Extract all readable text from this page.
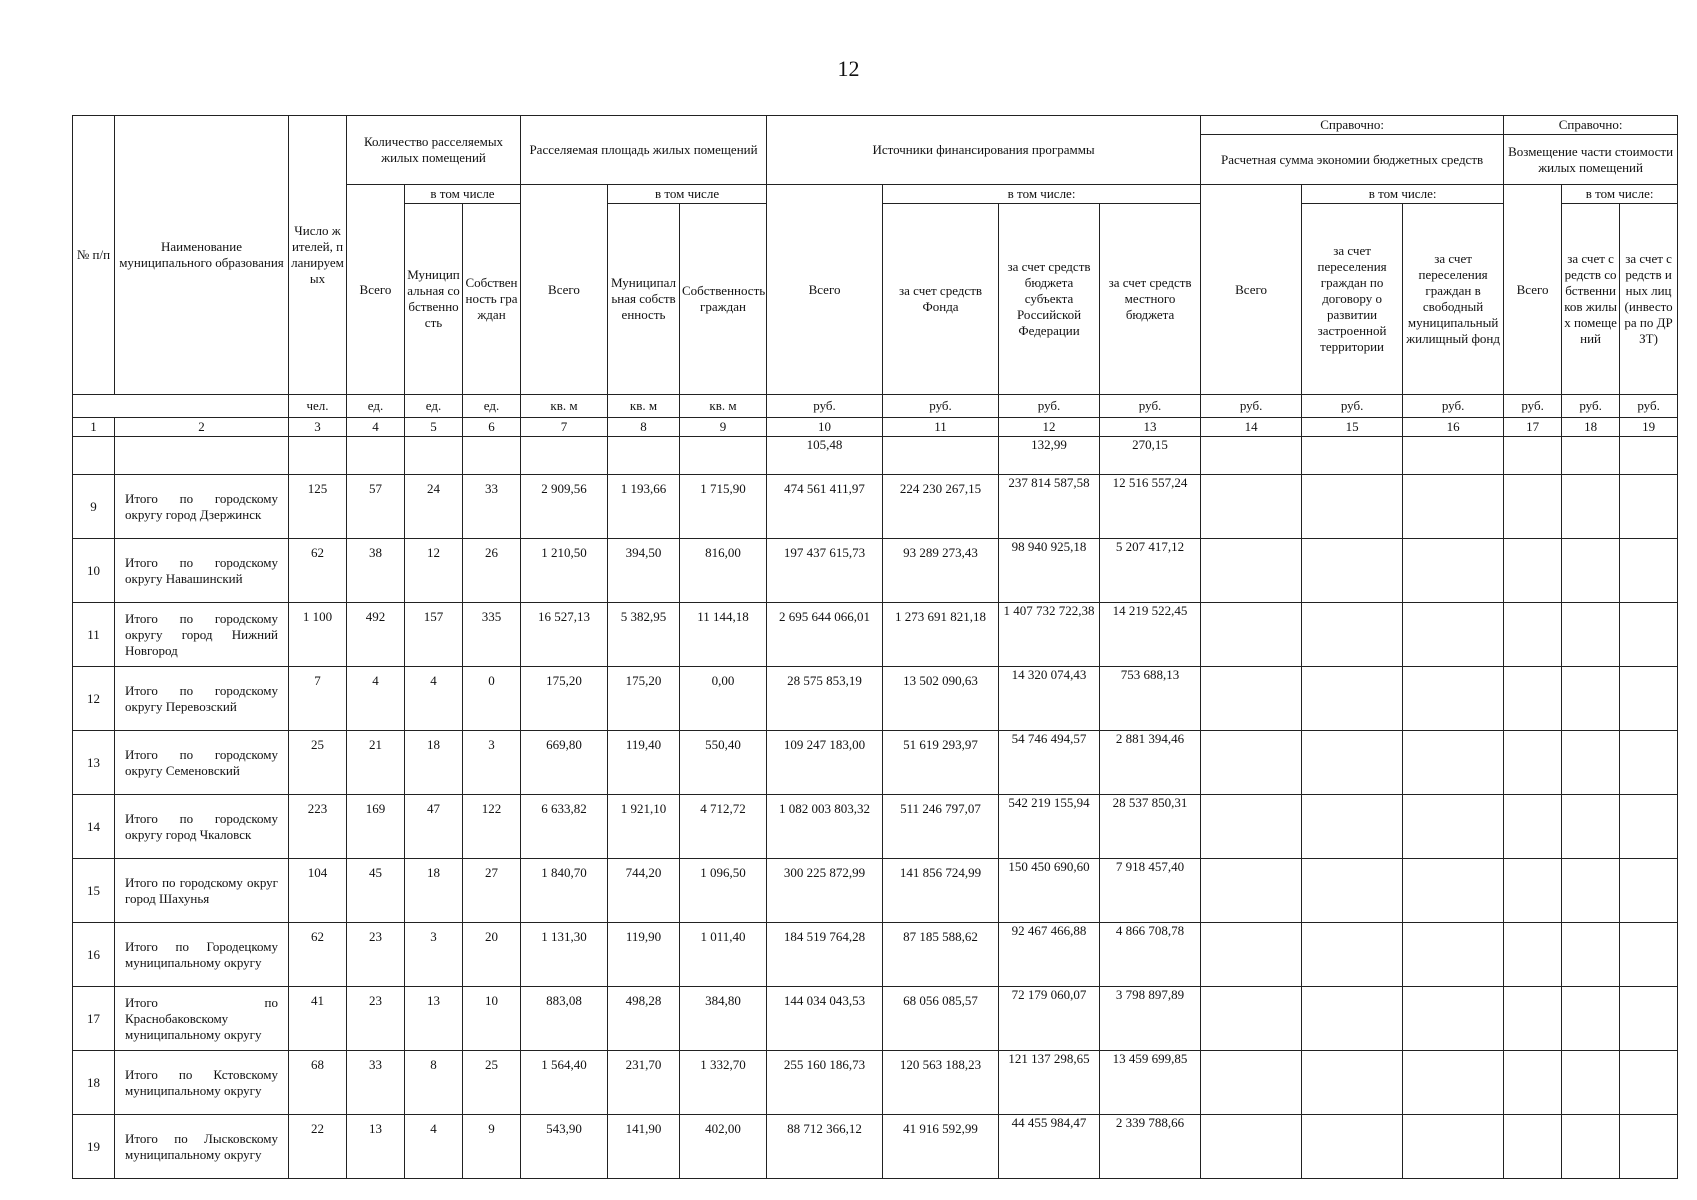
12
№ п/п	Наименование муниципального образования	Число жителей, планируемых	Количество расселяемых жилых помещений			Расселяемая площадь жилых помещений			Источники финансирования программы				Справочно:			Справочно:		
													Расчетная сумма экономии бюджетных средств			Возмещение части стоимости жилых помещений		
			Всего	в том числе		Всего	в том числе		Всего	в том числе:			Всего	в том числе:		Всего	в том числе:	
				Муниципальная собственность	Собственность граждан		Муниципальная собственность	Собственность граждан		за счет средств Фонда	за счет средств бюджета субъекта Российской Федерации	за счет средств местного бюджета		за счет переселения граждан по договору о развитии застроенной территории	за счет переселения граждан в свободный муниципальный жилищный фонд		за счет средств собственников жилых помещений	за счет средств иных лиц (инвестора по ДРЗТ)
		чел.	ед.	ед.	ед.	кв. м	кв. м	кв. м	руб.	руб.	руб.	руб.	руб.	руб.	руб.	руб.	руб.	руб.
1	2	3	4	5	6	7	8	9	10	11	12	13	14	15	16	17	18	19
									105,48		132,99	270,15						
9	Итого по городскому округу город Дзержинск	125	57	24	33	2 909,56	1 193,66	1 715,90	474 561 411,97	224 230 267,15	237 814 587,58	12 516 557,24						
10	Итого по городскому округу Навашинский	62	38	12	26	1 210,50	394,50	816,00	197 437 615,73	93 289 273,43	98 940 925,18	5 207 417,12						
11	Итого по городскому округу город Нижний Новгород	1 100	492	157	335	16 527,13	5 382,95	11 144,18	2 695 644 066,01	1 273 691 821,18	1 407 732 722,38	14 219 522,45						
12	Итого по городскому округу Перевозский	7	4	4	0	175,20	175,20	0,00	28 575 853,19	13 502 090,63	14 320 074,43	753 688,13						
13	Итого по городскому округу Семеновский	25	21	18	3	669,80	119,40	550,40	109 247 183,00	51 619 293,97	54 746 494,57	2 881 394,46						
14	Итого по городскому округу город Чкаловск	223	169	47	122	6 633,82	1 921,10	4 712,72	1 082 003 803,32	511 246 797,07	542 219 155,94	28 537 850,31						
15	Итого по городскому округ город Шахунья	104	45	18	27	1 840,70	744,20	1 096,50	300 225 872,99	141 856 724,99	150 450 690,60	7 918 457,40						
16	Итого по Городецкому муниципальному округу	62	23	3	20	1 131,30	119,90	1 011,40	184 519 764,28	87 185 588,62	92 467 466,88	4 866 708,78						
17	Итого по Краснобаковскому муниципальному округу	41	23	13	10	883,08	498,28	384,80	144 034 043,53	68 056 085,57	72 179 060,07	3 798 897,89						
18	Итого по Кстовскому муниципальному округу	68	33	8	25	1 564,40	231,70	1 332,70	255 160 186,73	120 563 188,23	121 137 298,65	13 459 699,85						
19	Итого по Лысковскому муниципальному округу	22	13	4	9	543,90	141,90	402,00	88 712 366,12	41 916 592,99	44 455 984,47	2 339 788,66						
